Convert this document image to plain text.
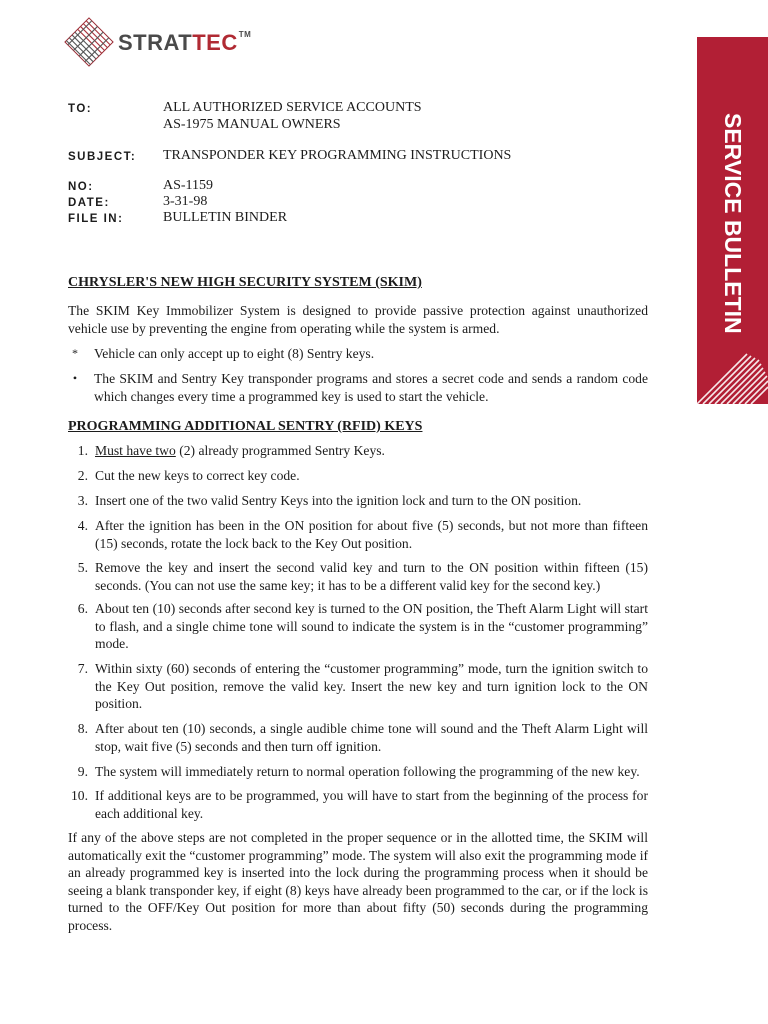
STRATTEC™
SERVICE BULLETIN
TO:	ALL AUTHORIZED SERVICE ACCOUNTS
AS-1975 MANUAL OWNERS
SUBJECT: TRANSPONDER KEY PROGRAMMING INSTRUCTIONS
NO:	AS-1159
DATE:	3-31-98
FILE IN:	BULLETIN BINDER
CHRYSLER'S NEW HIGH SECURITY SYSTEM (SKIM)
The SKIM Key Immobilizer System is designed to provide passive protection against unauthorized vehicle use by preventing the engine from operating while the system is armed.
* Vehicle can only accept up to eight (8) Sentry keys.
•	The SKIM and Sentry Key transponder programs and stores a secret code and sends a random code which changes every time a programmed key is used to start the vehicle.
PROGRAMMING ADDITIONAL SENTRY (RFID) KEYS
1. Must have two (2) already programmed Sentry Keys.
2. Cut the new keys to correct key code.
3. Insert one of the two valid Sentry Keys into the ignition lock and turn to the ON position.
4. After the ignition has been in the ON position for about five (5) seconds, but not more than fifteen (15) seconds, rotate the lock back to the Key Out position.
5. Remove the key and insert the second valid key and turn to the ON position within fifteen (15) seconds. (You can not use the same key; it has to be a different valid key for the second key.)
6. About ten (10) seconds after second key is turned to the ON position, the Theft Alarm Light will start to flash, and a single chime tone will sound to indicate the system is in the “customer programming” mode.
7. Within sixty (60) seconds of entering the “customer programming” mode, turn the ignition switch to the Key Out position, remove the valid key. Insert the new key and turn ignition lock to the ON position.
8. After about ten (10) seconds, a single audible chime tone will sound and the Theft Alarm Light will stop, wait five (5) seconds and then turn off ignition.
9. The system will immediately return to normal operation following the programming of the new key.
10. If additional keys are to be programmed, you will have to start from the beginning of the process for each additional key.
If any of the above steps are not completed in the proper sequence or in the allotted time, the SKIM will automatically exit the “customer programming” mode. The system will also exit the programming mode if an already programmed key is inserted into the lock during the programming process when it should be seeing a blank transponder key, if eight (8) keys have already been programmed to the car, or if the lock is turned to the OFF/Key Out position for more than about fifty (50) seconds during the programming process.
